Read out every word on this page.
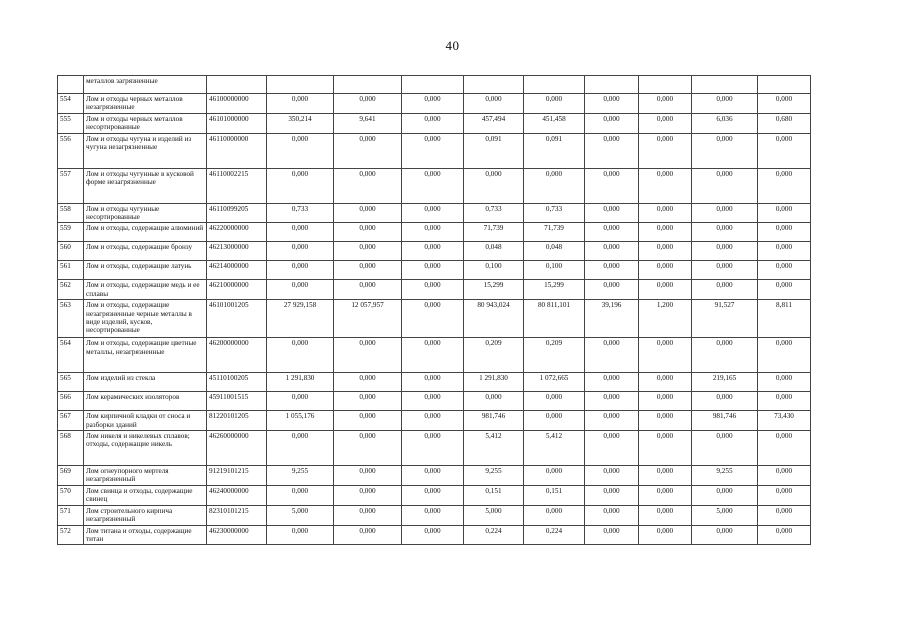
40
	металлов загрязненные										
554	Лом и отходы черных металлов незагрязненные	46100000000	0,000	0,000	0,000	0,000	0,000	0,000	0,000	0,000	0,000
555	Лом и отходы черных металлов несортированные	46101000000	350,214	9,641	0,000	457,494	451,458	0,000	0,000	6,036	0,680
556	Лом и отходы чугуна и изделий из чугуна незагрязненные	46110000000	0,000	0,000	0,000	0,091	0,091	0,000	0,000	0,000	0,000
557	Лом и отходы чугунные в кусковой форме незагрязненные	46110002215	0,000	0,000	0,000	0,000	0,000	0,000	0,000	0,000	0,000
558	Лом и отходы чугунные несортированные	46110099205	0,733	0,000	0,000	0,733	0,733	0,000	0,000	0,000	0,000
559	Лом и отходы, содержащие алюминий	46220000000	0,000	0,000	0,000	71,739	71,739	0,000	0,000	0,000	0,000
560	Лом и отходы, содержащие бронзу	46213000000	0,000	0,000	0,000	0,048	0,048	0,000	0,000	0,000	0,000
561	Лом и отходы, содержащие латунь	46214000000	0,000	0,000	0,000	0,100	0,100	0,000	0,000	0,000	0,000
562	Лом и отходы, содержащие медь и ее сплавы	46210000000	0,000	0,000	0,000	15,299	15,299	0,000	0,000	0,000	0,000
563	Лом и отходы, содержащие незагрязненные черные металлы в виде изделий, кусков, несортированные	46101001205	27 929,158	12 057,957	0,000	80 943,024	80 811,101	39,196	1,200	91,527	8,811
564	Лом и отходы, содержащие цветные металлы, незагрязненные	46200000000	0,000	0,000	0,000	0,209	0,209	0,000	0,000	0,000	0,000
565	Лом изделий из стекла	45110100205	1 291,830	0,000	0,000	1 291,830	1 072,665	0,000	0,000	219,165	0,000
566	Лом керамических изоляторов	45911001515	0,000	0,000	0,000	0,000	0,000	0,000	0,000	0,000	0,000
567	Лом кирпичной кладки от сноса и разборки зданий	81220101205	1 055,176	0,000	0,000	981,746	0,000	0,000	0,000	981,746	73,430
568	Лом никеля и никелевых сплавов; отходы, содержащие никель	46260000000	0,000	0,000	0,000	5,412	5,412	0,000	0,000	0,000	0,000
569	Лом огнеупорного мертеля незагрязненный	91219101215	9,255	0,000	0,000	9,255	0,000	0,000	0,000	9,255	0,000
570	Лом свинца и отходы, содержащие свинец	46240000000	0,000	0,000	0,000	0,151	0,151	0,000	0,000	0,000	0,000
571	Лом строительного кирпича незагрязненный	82310101215	5,000	0,000	0,000	5,000	0,000	0,000	0,000	5,000	0,000
572	Лом титана и отходы, содержащие титан	46230000000	0,000	0,000	0,000	0,224	0,224	0,000	0,000	0,000	0,000
